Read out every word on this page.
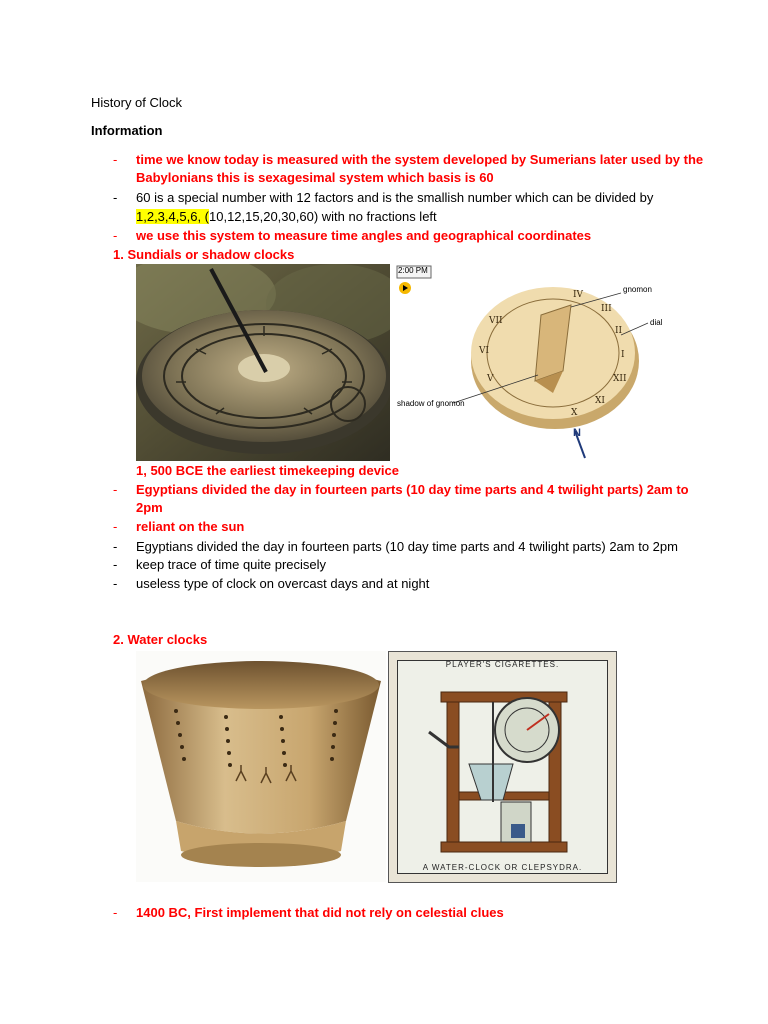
History of Clock
Information
- time we know today is measured with the system developed by Sumerians later used by the
Babylonians this is sexagesimal system which basis is 60
- 60 is a special number with 12 factors and is the smallish number which can be divided by
1,2,3,4,5,6, (10,12,15,20,30,60) with no fractions left
- we use this system to measure time angles and geographical coordinates
1. Sundials or shadow clocks
IV
III
II
I
XII
XI
X
VII
VI
V
2:00 PM
gnomon
dial
shadow of gnomon
N
1, 500 BCE the earliest timekeeping device
- Egyptians divided the day in fourteen parts (10 day time parts and 4 twilight parts) 2am to
2pm
- reliant on the sun
- Egyptians divided the day in fourteen parts (10 day time parts and 4 twilight parts) 2am to 2pm
- keep trace of time quite precisely
- useless type of clock on overcast days and at night
2. Water clocks
PLAYER'S CIGARETTES.
A WATER-CLOCK OR CLEPSYDRA.
- 1400 BC, First implement that did not rely on celestial clues
